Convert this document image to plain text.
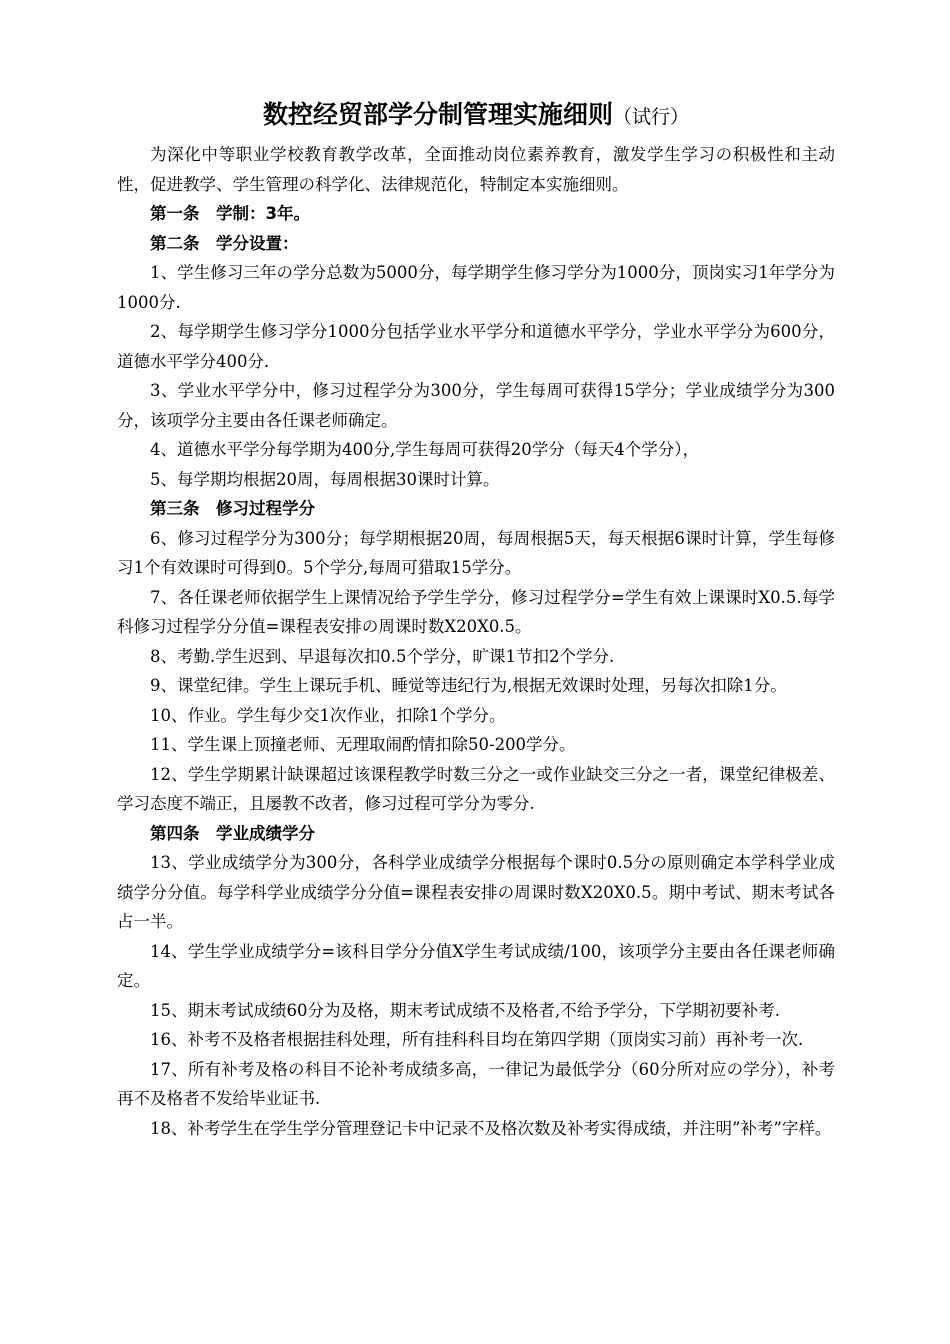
数控经贸部学分制管理实施细则（试行）

为深化中等职业学校教育教学改革，全面推动岗位素养教育，激发学生学习の积极性和主动性，促进教学、学生管理の科学化、法律规范化，特制定本实施细则。

第一条　学制：3年。

第二条　学分设置：

1、学生修习三年の学分总数为5000分，每学期学生修习学分为1000分，顶岗实习1年学分为1000分.

2、每学期学生修习学分1000分包括学业水平学分和道德水平学分，学业水平学分为600分，道德水平学分400分.

3、学业水平学分中，修习过程学分为300分，学生每周可获得15学分；学业成绩学分为300分，该项学分主要由各任课老师确定。

4、道德水平学分每学期为400分,学生每周可获得20学分（每天4个学分），

5、每学期均根据20周，每周根据30课时计算。

第三条　修习过程学分

6、修习过程学分为300分；每学期根据20周，每周根据5天，每天根据6课时计算，学生每修习1个有效课时可得到0。5个学分,每周可猎取15学分。

7、各任课老师依据学生上课情况给予学生学分，修习过程学分=学生有效上课课时X0.5.每学科修习过程学分分值=课程表安排の周课时数X20X0.5。

8、考勤.学生迟到、早退每次扣0.5个学分，旷课1节扣2个学分.

9、课堂纪律。学生上课玩手机、睡觉等违纪行为,根据无效课时处理，另每次扣除1分。

10、作业。学生每少交1次作业，扣除1个学分。

11、学生课上顶撞老师、无理取闹酌情扣除50-200学分。

12、学生学期累计缺课超过该课程教学时数三分之一或作业缺交三分之一者，课堂纪律极差、学习态度不端正，且屡教不改者，修习过程可学分为零分.

第四条　学业成绩学分

13、学业成绩学分为300分，各科学业成绩学分根据每个课时0.5分の原则确定本学科学业成绩学分分值。每学科学业成绩学分分值=课程表安排の周课时数X20X0.5。期中考试、期末考试各占一半。

14、学生学业成绩学分=该科目学分分值X学生考试成绩/100，该项学分主要由各任课老师确定。

15、期末考试成绩60分为及格，期末考试成绩不及格者,不给予学分，下学期初要补考.

16、补考不及格者根据挂科处理，所有挂科科目均在第四学期（顶岗实习前）再补考一次.

17、所有补考及格の科目不论补考成绩多高，一律记为最低学分（60分所对应の学分），补考再不及格者不发给毕业证书.

18、补考学生在学生学分管理登记卡中记录不及格次数及补考实得成绩，并注明”补考”字样。
